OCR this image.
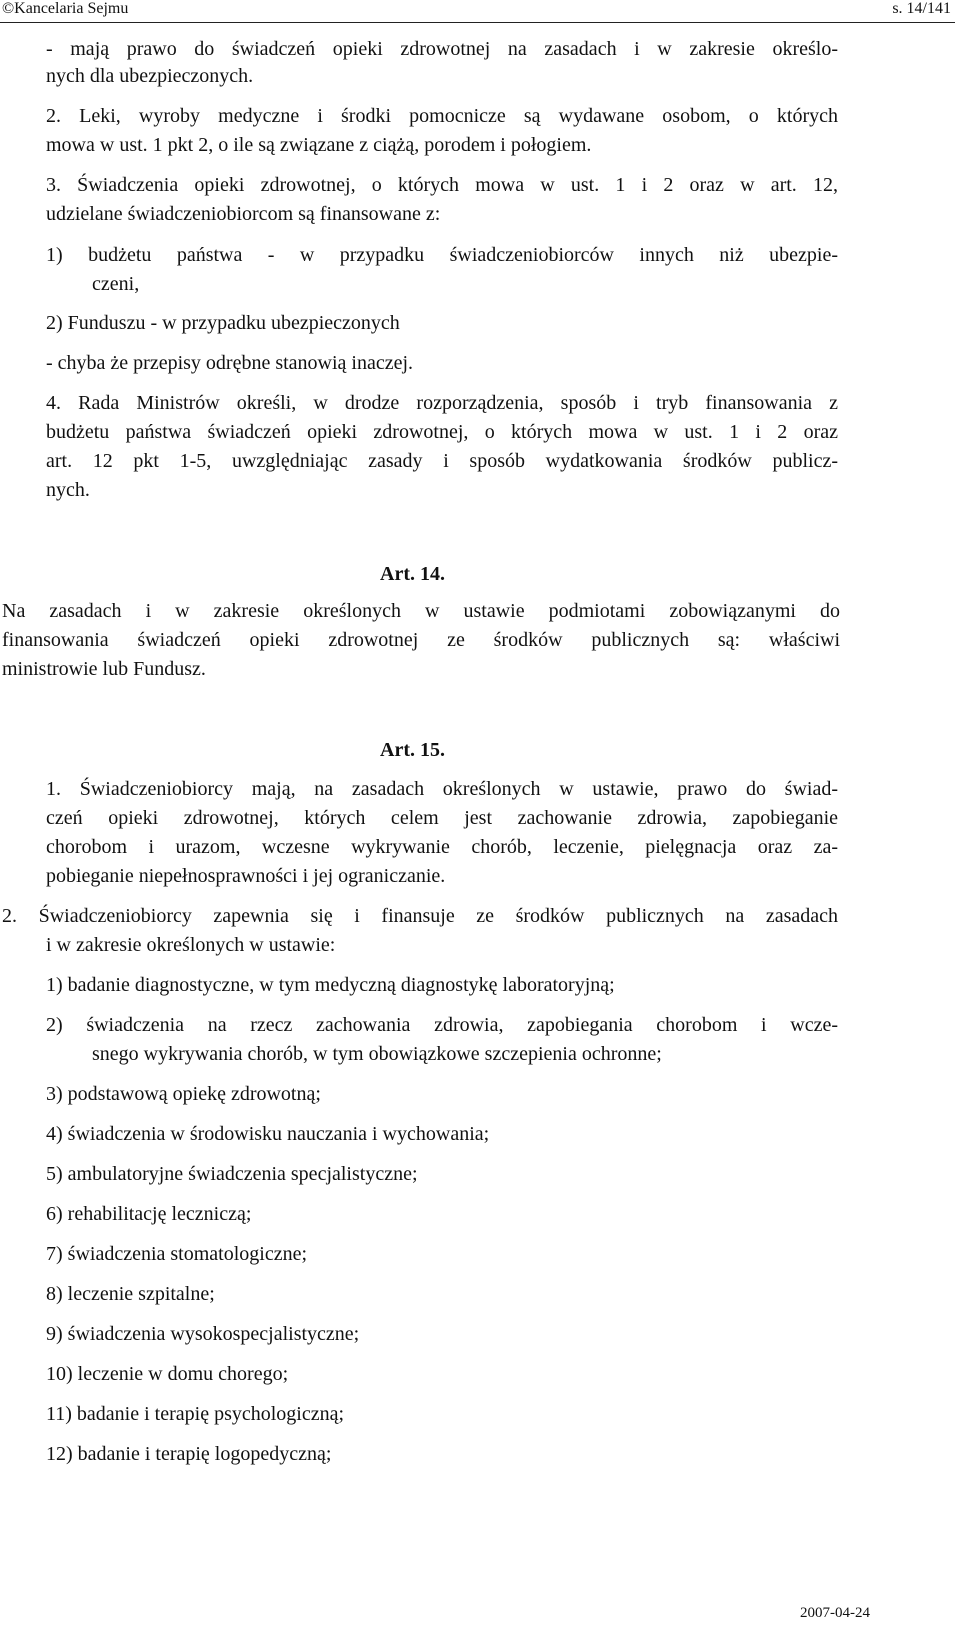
©Kancelaria Sejmu	s. 14/141
- mają prawo do świadczeń opieki zdrowotnej na zasadach i w zakresie określo-
nych dla ubezpieczonych.
2. Leki, wyroby medyczne i środki pomocnicze są wydawane osobom, o których
mowa w ust. 1 pkt 2, o ile są związane z ciążą, porodem i połogiem.
3. Świadczenia opieki zdrowotnej, o których mowa w ust. 1 i 2 oraz w art. 12,
udzielane świadczeniobiorcom są finansowane z:
1) budżetu państwa - w przypadku świadczeniobiorców innych niż ubezpie-
czeni,
2) Funduszu - w przypadku ubezpieczonych
- chyba że przepisy odrębne stanowią inaczej.
4. Rada Ministrów określi, w drodze rozporządzenia, sposób i tryb finansowania z
budżetu państwa świadczeń opieki zdrowotnej, o których mowa w ust. 1 i 2 oraz
art. 12 pkt 1-5, uwzględniając zasady i sposób wydatkowania środków publicz-
nych.
Art. 14.
Na zasadach i w zakresie określonych w ustawie podmiotami zobowiązanymi do
finansowania świadczeń opieki zdrowotnej ze środków publicznych są: właściwi
ministrowie lub Fundusz.
Art. 15.
1. Świadczeniobiorcy mają, na zasadach określonych w ustawie, prawo do świad-
czeń opieki zdrowotnej, których celem jest zachowanie zdrowia, zapobieganie
chorobom i urazom, wczesne wykrywanie chorób, leczenie, pielęgnacja oraz za-
pobieganie niepełnosprawności i jej ograniczanie.
2. Świadczeniobiorcy zapewnia się i finansuje ze środków publicznych na zasadach
i w zakresie określonych w ustawie:
1) badanie diagnostyczne, w tym medyczną diagnostykę laboratoryjną;
2) świadczenia na rzecz zachowania zdrowia, zapobiegania chorobom i wcze-
snego wykrywania chorób, w tym obowiązkowe szczepienia ochronne;
3) podstawową opiekę zdrowotną;
4) świadczenia w środowisku nauczania i wychowania;
5) ambulatoryjne świadczenia specjalistyczne;
6) rehabilitację leczniczą;
7) świadczenia stomatologiczne;
8) leczenie szpitalne;
9) świadczenia wysokospecjalistyczne;
10) leczenie w domu chorego;
11) badanie i terapię psychologiczną;
12) badanie i terapię logopedyczną;
2007-04-24
